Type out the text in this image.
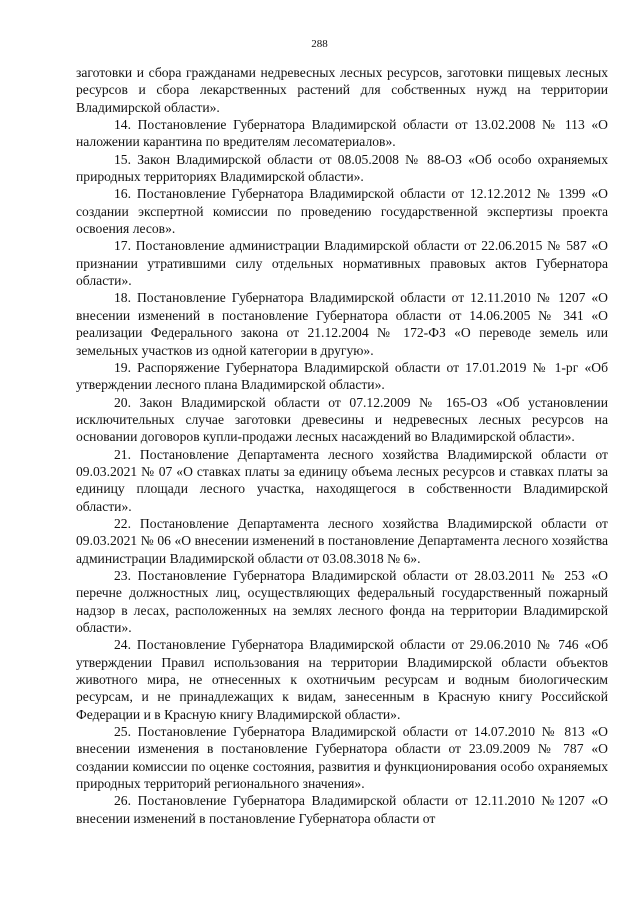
288

заготовки и сбора гражданами недревесных лесных ресурсов, заготовки пищевых лесных ресурсов и сбора лекарственных растений для собственных нужд на территории Владимирской области».

14. Постановление Губернатора Владимирской области от 13.02.2008 № 113 «О наложении карантина по вредителям лесоматериалов».

15. Закон Владимирской области от 08.05.2008 № 88-ОЗ «Об особо охраняемых природных территориях Владимирской области».

16. Постановление Губернатора Владимирской области от 12.12.2012 № 1399 «О создании экспертной комиссии по проведению государственной экспертизы проекта освоения лесов».

17. Постановление администрации Владимирской области от 22.06.2015 № 587 «О признании утратившими силу отдельных нормативных правовых актов Губернатора области».

18. Постановление Губернатора Владимирской области от 12.11.2010 № 1207 «О внесении изменений в постановление Губернатора области от 14.06.2005 № 341 «О реализации Федерального закона от 21.12.2004 № 172-ФЗ «О переводе земель или земельных участков из одной категории в другую».

19. Распоряжение Губернатора Владимирской области от 17.01.2019 № 1-рг «Об утверждении лесного плана Владимирской области».

20. Закон Владимирской области от 07.12.2009 № 165-ОЗ «Об установлении исключительных случае заготовки древесины и недревесных лесных ресурсов на основании договоров купли-продажи лесных насаждений во Владимирской области».

21. Постановление Департамента лесного хозяйства Владимирской области от 09.03.2021 № 07 «О ставках платы за единицу объема лесных ресурсов и ставках платы за единицу площади лесного участка, находящегося в собственности Владимирской области».

22. Постановление Департамента лесного хозяйства Владимирской области от 09.03.2021 № 06 «О внесении изменений в постановление Департамента лесного хозяйства администрации Владимирской области от 03.08.3018 № 6».

23. Постановление Губернатора Владимирской области от 28.03.2011 № 253 «О перечне должностных лиц, осуществляющих федеральный государственный пожарный надзор в лесах, расположенных на землях лесного фонда на территории Владимирской области».

24. Постановление Губернатора Владимирской области от 29.06.2010 № 746 «Об утверждении Правил использования на территории Владимирской области объектов животного мира, не отнесенных к охотничьим ресурсам и водным биологическим ресурсам, и не принадлежащих к видам, занесенным в Красную книгу Российской Федерации и в Красную книгу Владимирской области».

25. Постановление Губернатора Владимирской области от 14.07.2010 № 813 «О внесении изменения в постановление Губернатора области от 23.09.2009 № 787 «О создании комиссии по оценке состояния, развития и функционирования особо охраняемых природных территорий регионального значения».

26. Постановление Губернатора Владимирской области от 12.11.2010 №1207 «О внесении изменений в постановление Губернатора области от
